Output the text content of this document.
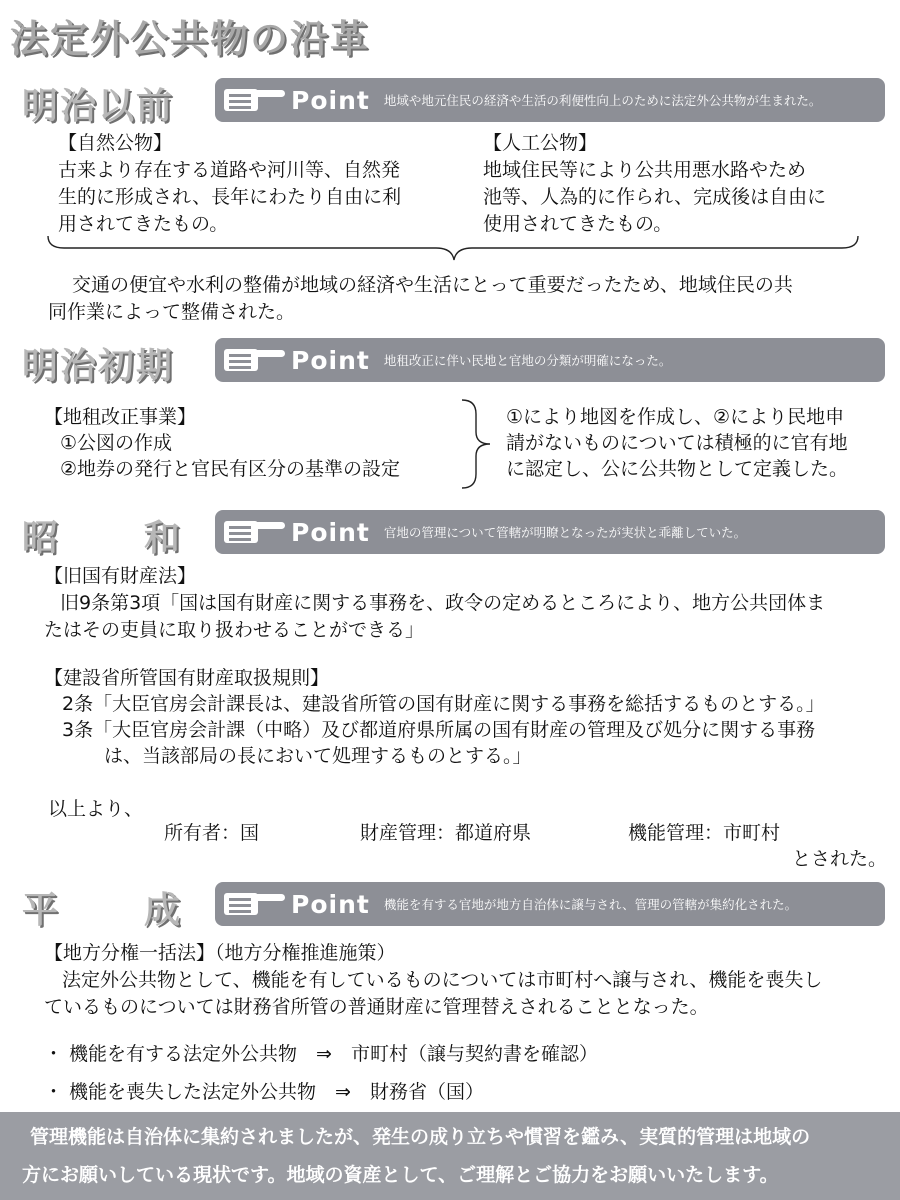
法定外公共物の沿革
明治以前	Point 地域や地元住民の経済や生活の利便性向上のために法定外公共物が生まれた。
【自然公物】
古来より存在する道路や河川等、自然発
生的に形成され、長年にわたり自由に利
用されてきたもの。
【人工公物】
地域住民等により公共用悪水路やため
池等、人為的に作られ、完成後は自由に
使用されてきたもの。
交通の便宜や水利の整備が地域の経済や生活にとって重要だったため、地域住民の共
同作業によって整備された。
明治初期	Point 地租改正に伴い民地と官地の分類が明確になった。
【地租改正事業】
①公図の作成
②地券の発行と官民有区分の基準の設定
①により地図を作成し、②により民地申
請がないものについては積極的に官有地
に認定し、公に公共物として定義した。
昭 和	Point 官地の管理について管轄が明瞭となったが実状と乖離していた。
【旧国有財産法】
旧9条第3項「国は国有財産に関する事務を、政令の定めるところにより、地方公共団体ま
たはその吏員に取り扱わせることができる」
【建設省所管国有財産取扱規則】
2条「大臣官房会計課長は、建設省所管の国有財産に関する事務を総括するものとする。」
3条「大臣官房会計課（中略）及び都道府県所属の国有財産の管理及び処分に関する事務
は、当該部局の長において処理するものとする。」
以上より、
所有者：国	財産管理：都道府県	機能管理：市町村
とされた。
平 成	Point 機能を有する官地が地方自治体に譲与され、管理の管轄が集約化された。
【地方分権一括法】（地方分権推進施策）
法定外公共物として、機能を有しているものについては市町村へ譲与され、機能を喪失し
ているものについては財務省所管の普通財産に管理替えされることとなった。
・ 機能を有する法定外公共物　⇒　市町村（譲与契約書を確認）
・ 機能を喪失した法定外公共物　⇒　財務省（国）
管理機能は自治体に集約されましたが、発生の成り立ちや慣習を鑑み、実質的管理は地域の
方にお願いしている現状です。地域の資産として、ご理解とご協力をお願いいたします。
